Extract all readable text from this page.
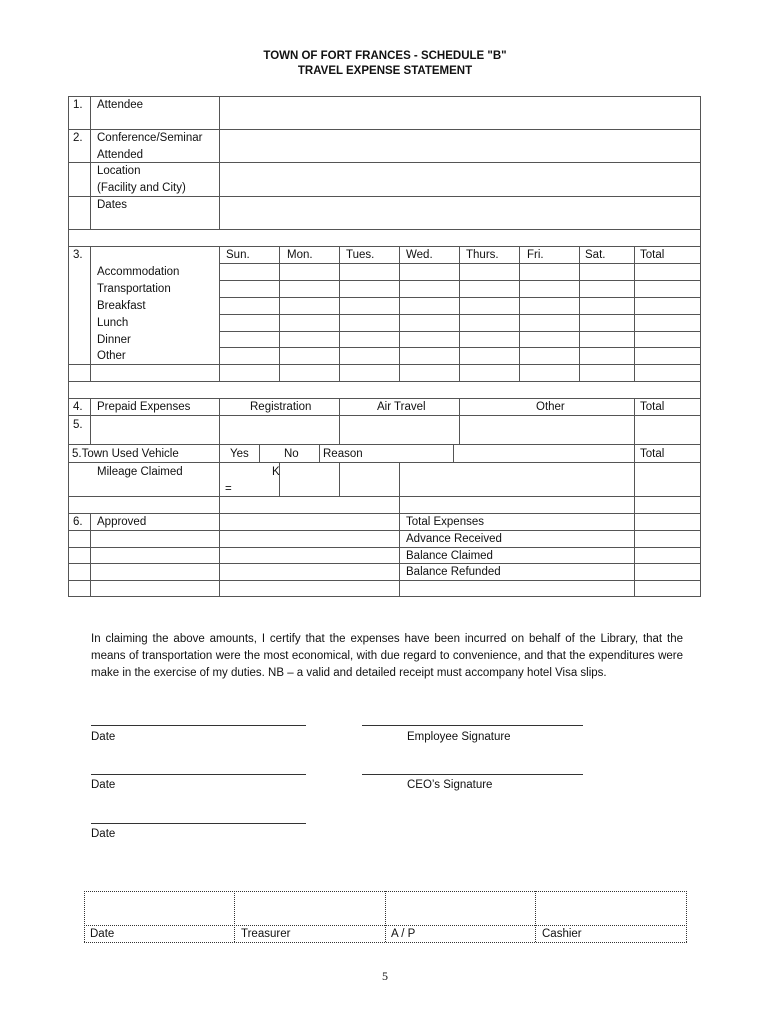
TOWN OF FORT FRANCES - SCHEDULE "B"
TRAVEL EXPENSE STATEMENT
1. Attendee
2. Conference/Seminar
Attended
Location
(Facility and City)
Dates
3.	Sun.	Mon.	Tues.	Wed.	Thurs. Fri.	Sat.	Total
Accommodation
Transportation
Breakfast
Lunch
Dinner
Other
4. Prepaid Expenses	Registration	Air Travel	Other	Total
5.
5.Town Used Vehicle	Yes	No Reason	Total
Mileage Claimed	K
=
6. Approved	Total Expenses
Advance Received
Balance Claimed
Balance Refunded
In claiming the above amounts, I certify that the expenses have been incurred on behalf of the Library, that the means of transportation were the most economical, with due regard to convenience, and that the expenditures were make in the exercise of my duties. NB – a valid and detailed receipt must accompany hotel Visa slips.
Date	Employee Signature
Date	CEO’s Signature
Date
Date	Treasurer	A / P	Cashier
5
